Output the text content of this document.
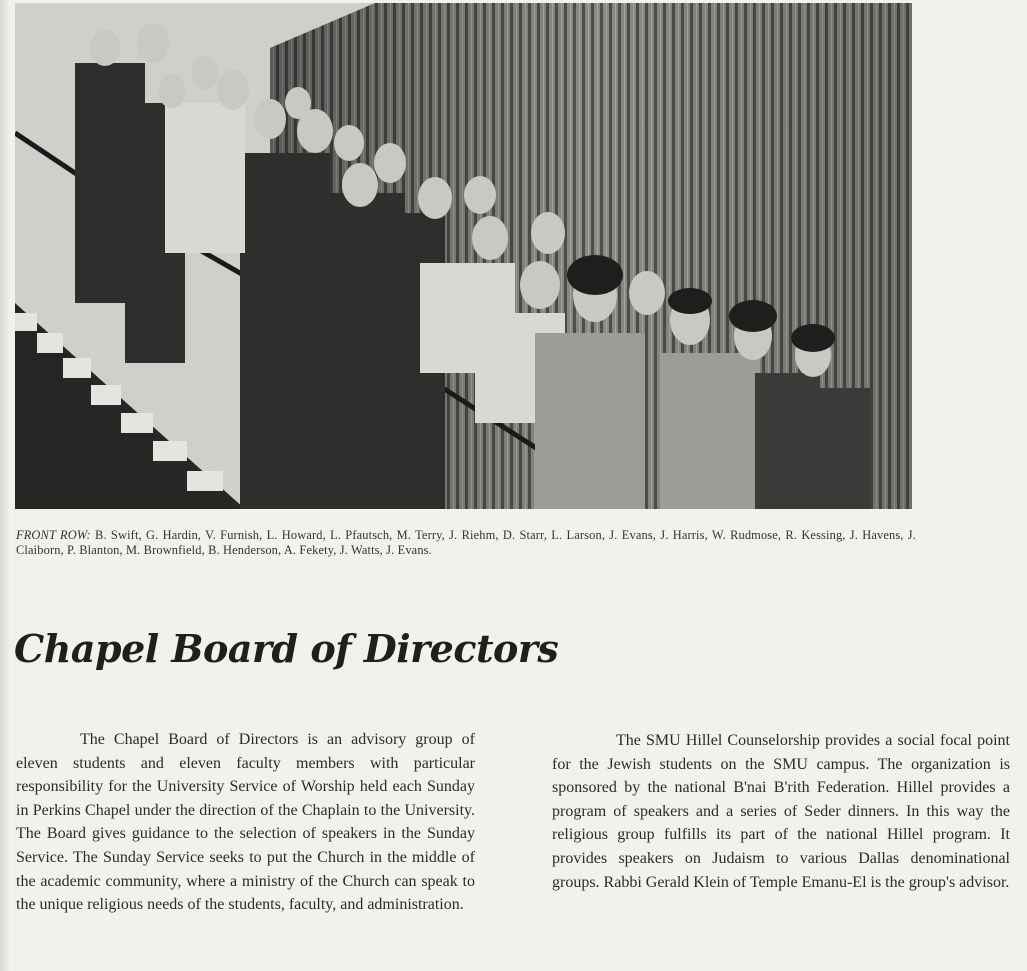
FRONT ROW: B. Swift, G. Hardin, V. Furnish, L. Howard, L. Pfautsch, M. Terry, J. Riehm, D. Starr, L. Larson, J. Evans, J. Harris, W. Rudmose, R. Kessing, J. Havens, J. Claiborn, P. Blanton, M. Brownfield, B. Henderson, A. Fekety, J. Watts, J. Evans.
Chapel Board of Directors
The Chapel Board of Directors is an advisory group of eleven students and eleven faculty members with particular responsibility for the University Service of Worship held each Sunday in Perkins Chapel under the direction of the Chaplain to the University. The Board gives guidance to the selection of speakers in the Sunday Service. The Sunday Service seeks to put the Church in the middle of the academic community, where a ministry of the Church can speak to the unique religious needs of the students, faculty, and administration.
The SMU Hillel Counselorship provides a social focal point for the Jewish students on the SMU campus. The organization is sponsored by the national B'nai B'rith Federation. Hillel provides a program of speakers and a series of Seder dinners. In this way the religious group fulfills its part of the national Hillel program. It provides speakers on Judaism to various Dallas denominational groups. Rabbi Gerald Klein of Temple Emanu-El is the group's advisor.
